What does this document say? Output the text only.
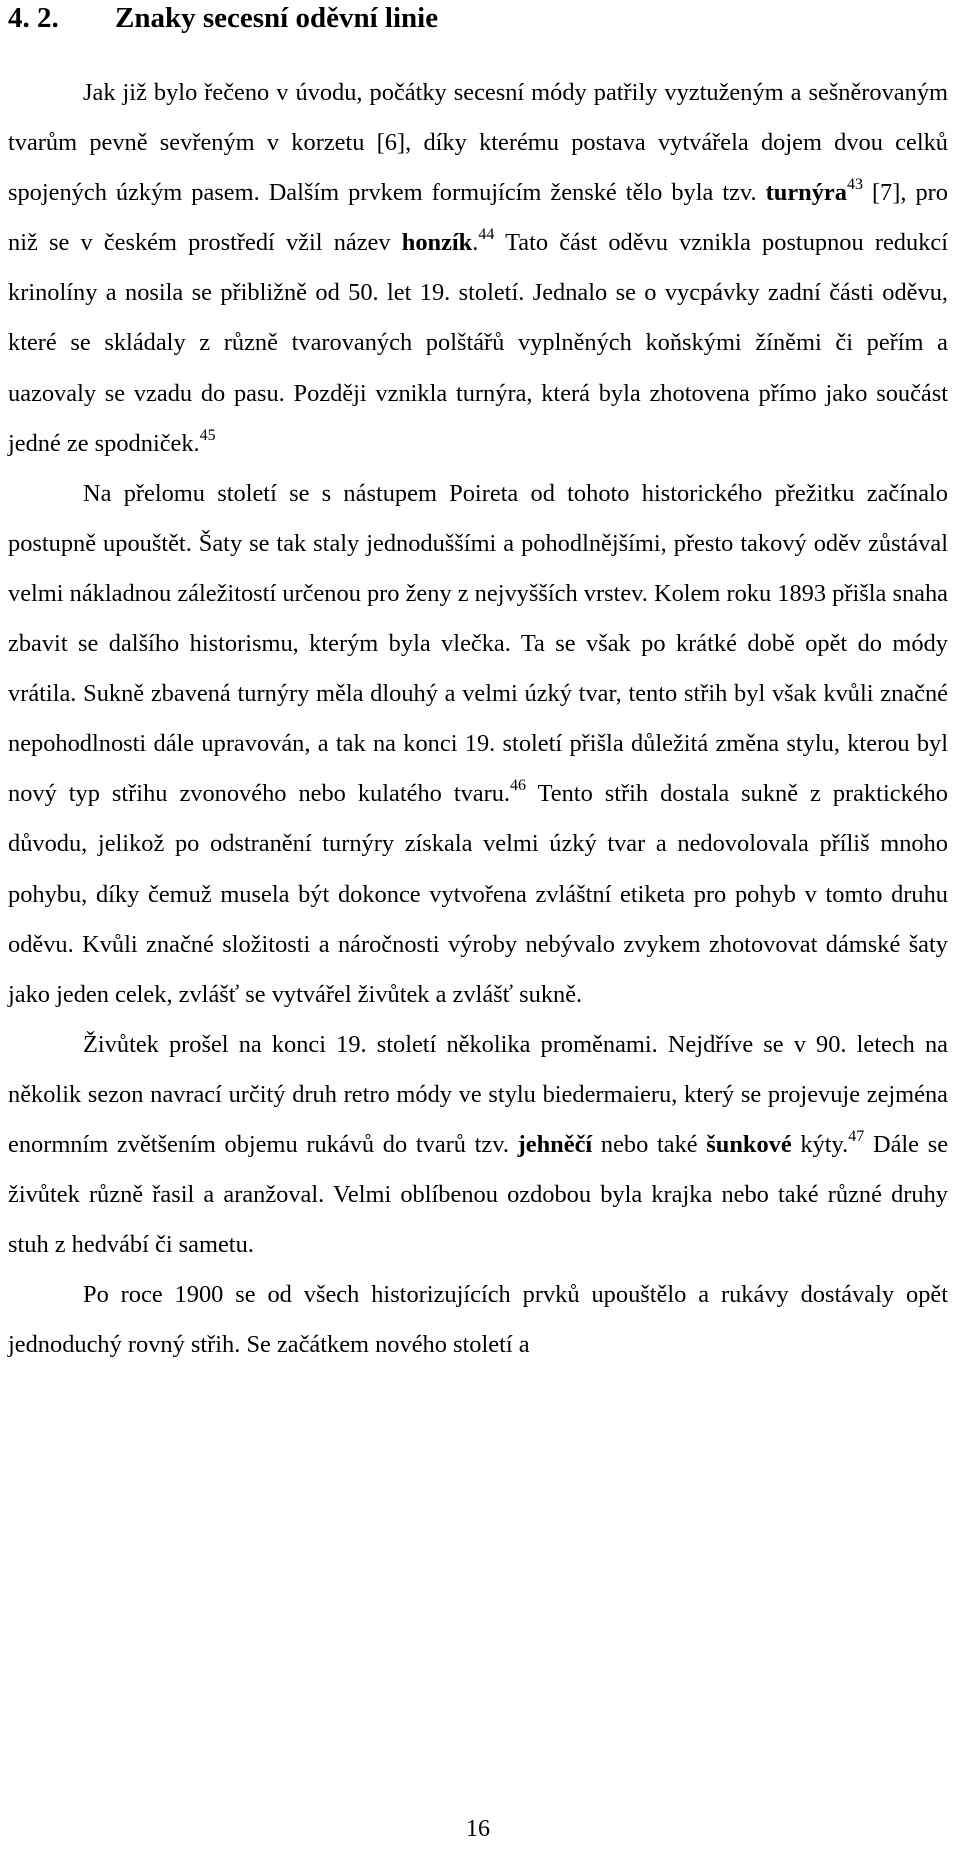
4. 2. Znaky secesní oděvní linie

Jak již bylo řečeno v úvodu, počátky secesní módy patřily vyztuženým a sešněrovaným tvarům pevně sevřeným v korzetu [6], díky kterému postava vytvářela dojem dvou celků spojených úzkým pasem. Dalším prvkem formujícím ženské tělo byla tzv. turnýra$^{43}$ [7], pro niž se v českém prostředí vžil název honzík.$^{44}$ Tato část oděvu vznikla postupnou redukcí krinolíny a nosila se přibližně od 50. let 19. století. Jednalo se o vycpávky zadní části oděvu, které se skládaly z různě tvarovaných polštářů vyplněných koňskými žíněmi či peřím a uazovaly se vzadu do pasu. Později vznikla turnýra, která byla zhotovena přímo jako součást jedné ze spodniček.$^{45}$

Na přelomu století se s nástupem Poireta od tohoto historického přežitku začínalo postupně upouštět. Šaty se tak staly jednoduššími a pohodlnějšími, přesto takový oděv zůstával velmi nákladnou záležitostí určenou pro ženy z nejvyšších vrstev. Kolem roku 1893 přišla snaha zbavit se dalšího historismu, kterým byla vlečka. Ta se však po krátké době opět do módy vrátila. Sukně zbavená turnýry měla dlouhý a velmi úzký tvar, tento střih byl však kvůli značné nepohodlnosti dále upravován, a tak na konci 19. století přišla důležitá změna stylu, kterou byl nový typ střihu zvonového nebo kulatého tvaru.$^{46}$ Tento střih dostala sukně z praktického důvodu, jelikož po odstranění turnýry získala velmi úzký tvar a nedovolovala příliš mnoho pohybu, díky čemuž musela být dokonce vytvořena zvláštní etiketa pro pohyb v tomto druhu oděvu. Kvůli značné složitosti a náročnosti výroby nebývalo zvykem zhotovovat dámské šaty jako jeden celek, zvlášť se vytvářel živůtek a zvlášť sukně.

Živůtek prošel na konci 19. století několika proměnami. Nejdříve se v 90. letech na několik sezon navrací určitý druh retro módy ve stylu biedermaieru, který se projevuje zejména enormním zvětšením objemu rukávů do tvarů tzv. jehněčí nebo také šunkové kýty.$^{47}$ Dále se živůtek různě řasil a aranžoval. Velmi oblíbenou ozdobou byla krajka nebo také různé druhy stuh z hedvábí či sametu.

Po roce 1900 se od všech historizujících prvků upouštělo a rukávy dostávaly opět jednoduchý rovný střih. Se začátkem nového století a

16
